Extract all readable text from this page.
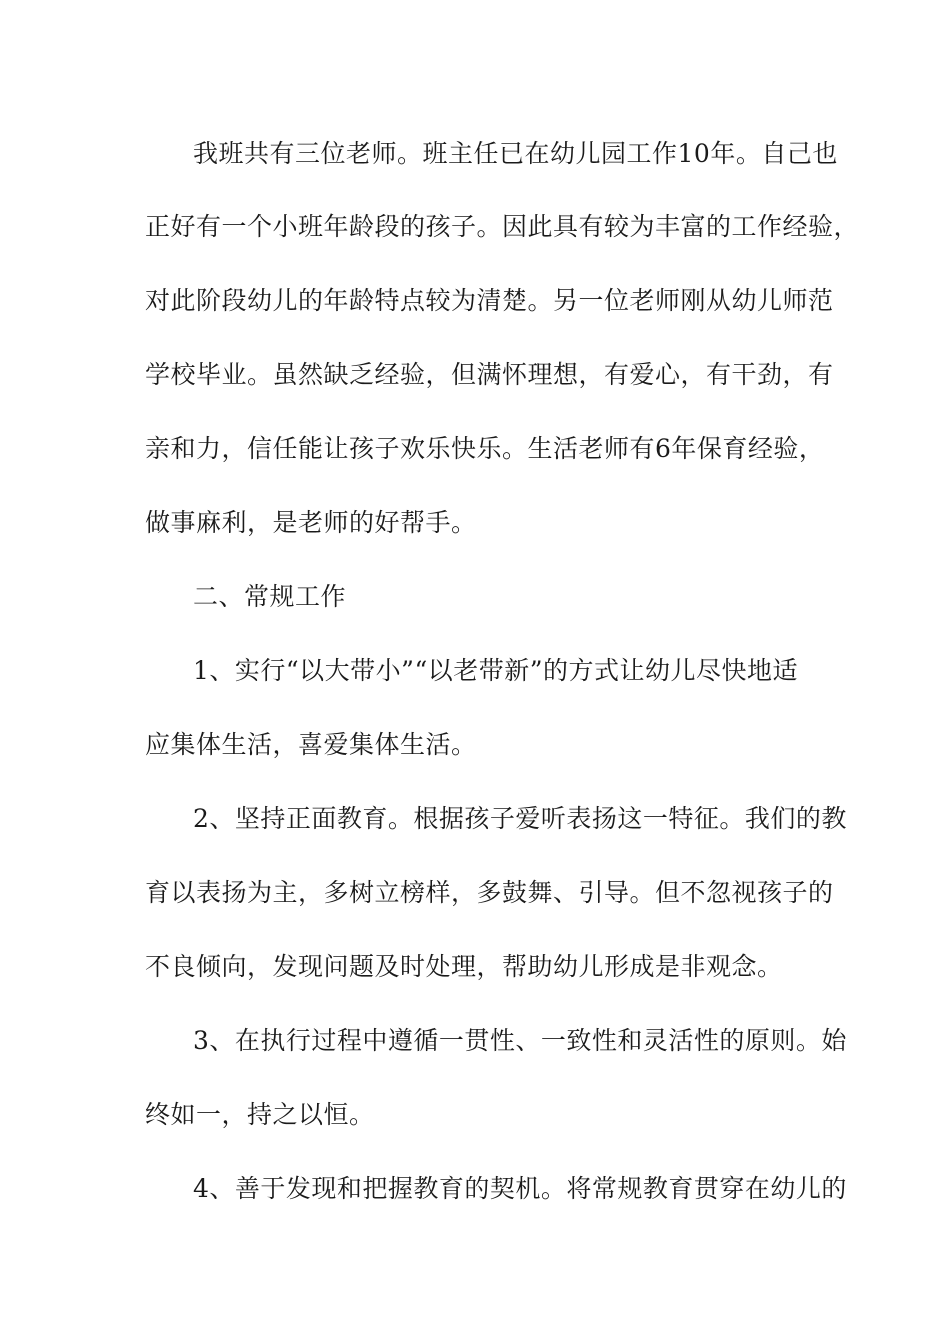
我班共有三位老师。班主任已在幼儿园工作10年。自己也
正好有一个小班年龄段的孩子。因此具有较为丰富的工作经验，
对此阶段幼儿的年龄特点较为清楚。另一位老师刚从幼儿师范
学校毕业。虽然缺乏经验，但满怀理想，有爱心，有干劲，有
亲和力，信任能让孩子欢乐快乐。生活老师有6年保育经验，
做事麻利，是老师的好帮手。
二、常规工作
1、实行“以大带小”“以老带新”的方式让幼儿尽快地适
应集体生活，喜爱集体生活。
2、坚持正面教育。根据孩子爱听表扬这一特征。我们的教
育以表扬为主，多树立榜样，多鼓舞、引导。但不忽视孩子的
不良倾向，发现问题及时处理，帮助幼儿形成是非观念。
3、在执行过程中遵循一贯性、一致性和灵活性的原则。始
终如一，持之以恒。
4、善于发现和把握教育的契机。将常规教育贯穿在幼儿的
